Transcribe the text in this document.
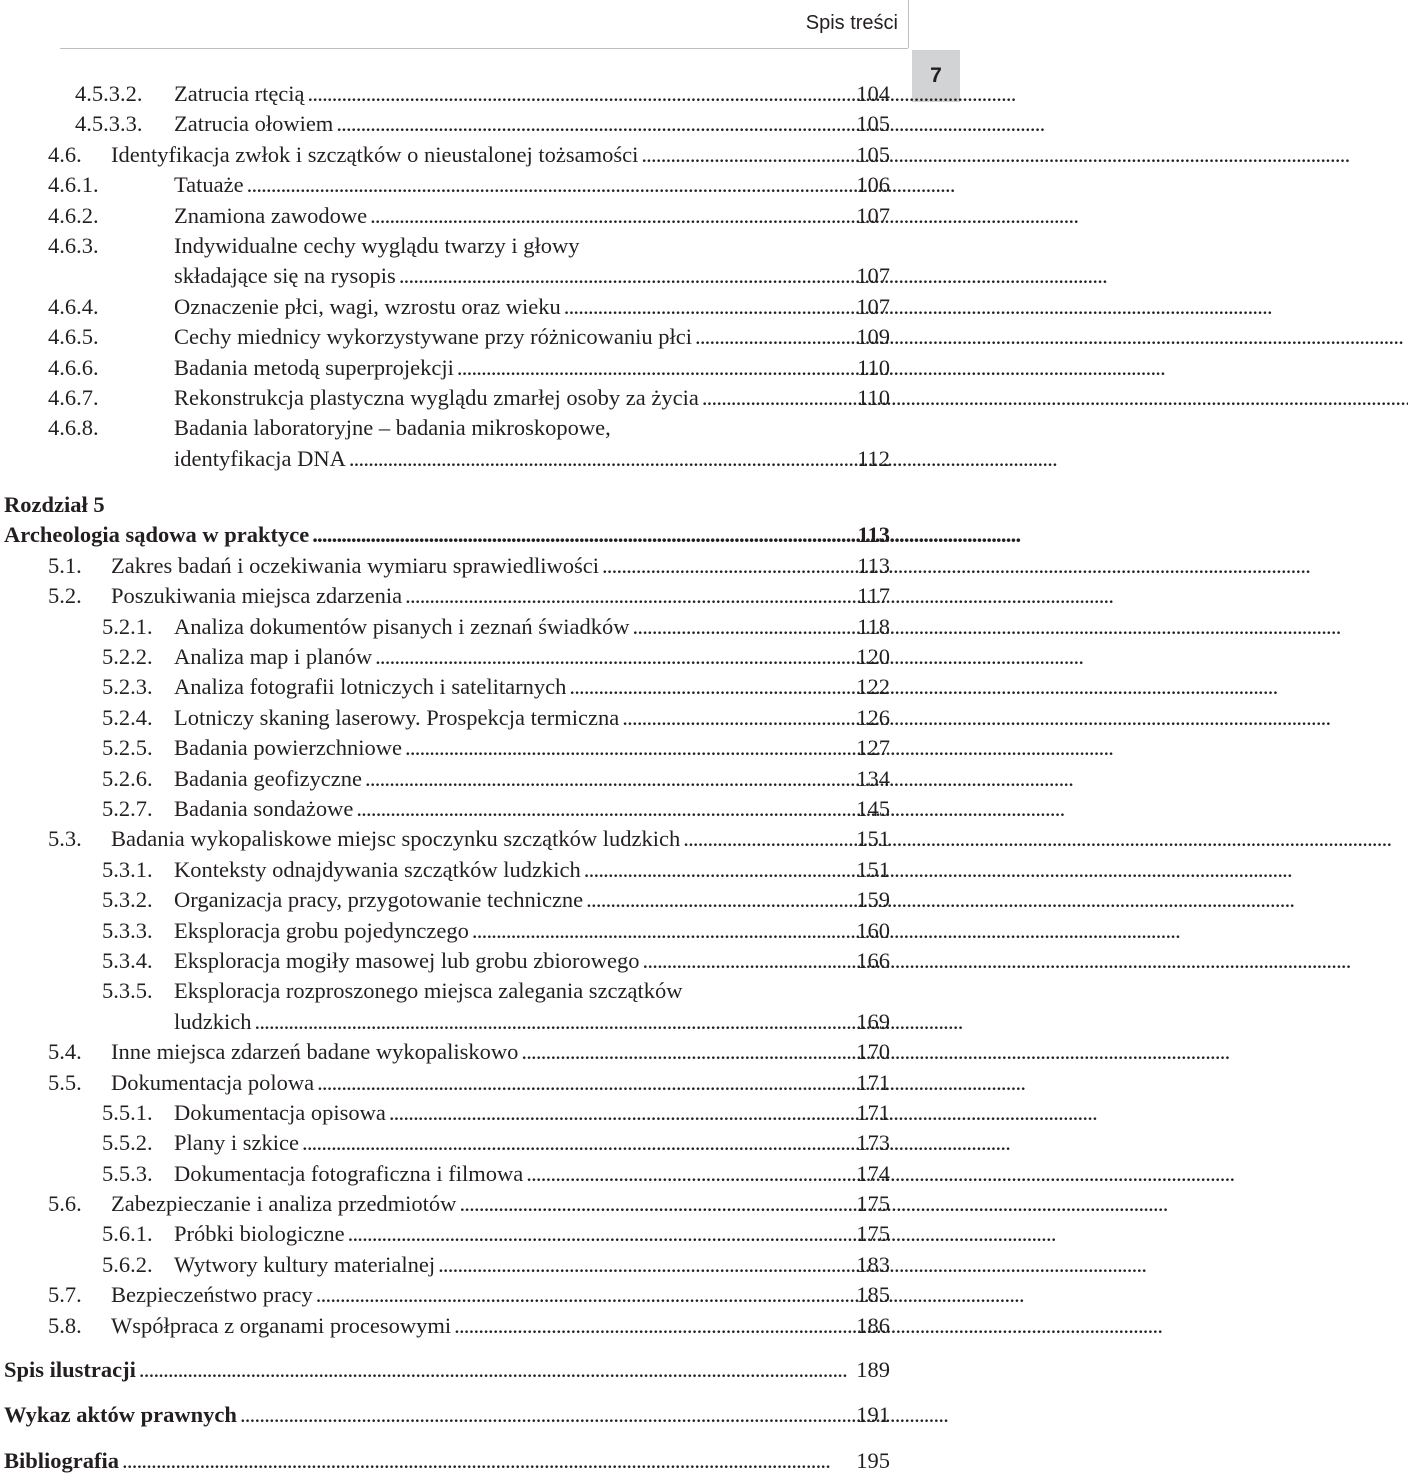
Spis treści
7
4.5.3.2.	Zatrucia rtęcią . . .	104
4.5.3.3.	Zatrucia ołowiem . . .	105
4.6.	Identyfikacja zwłok i szczątków o nieustalonej tożsamości . . .	105
4.6.1.	Tatuaże . . .	106
4.6.2.	Znamiona zawodowe . . .	107
4.6.3.	Indywidualne cechy wyglądu twarzy i głowy
składające się na rysopis . . .	107
4.6.4.	Oznaczenie płci, wagi, wzrostu oraz wieku . . .	107
4.6.5.	Cechy miednicy wykorzystywane przy różnicowaniu płci . . .	109
4.6.6.	Badania metodą superprojekcji . . .	110
4.6.7.	Rekonstrukcja plastyczna wyglądu zmarłej osoby za życia . . .	110
4.6.8.	Badania laboratoryjne – badania mikroskopowe,
identyfikacja DNA . . .	112
Rozdział 5
Archeologia sądowa w praktyce . . .	113
5.1.	Zakres badań i oczekiwania wymiaru sprawiedliwości . . .	113
5.2.	Poszukiwania miejsca zdarzenia . . .	117
5.2.1. Analiza dokumentów pisanych i zeznań świadków . . .	118
5.2.2. Analiza map i planów . . .	120
5.2.3. Analiza fotografii lotniczych i satelitarnych . . .	122
5.2.4. Lotniczy skaning laserowy. Prospekcja termiczna . . .	126
5.2.5. Badania powierzchniowe . . .	127
5.2.6. Badania geofizyczne . . .	134
5.2.7. Badania sondażowe . . .	145
5.3.	Badania wykopaliskowe miejsc spoczynku szczątków ludzkich . . .	151
5.3.1. Konteksty odnajdywania szczątków ludzkich . . .	151
5.3.2. Organizacja pracy, przygotowanie techniczne . . .	159
5.3.3. Eksploracja grobu pojedynczego . . .	160
5.3.4. Eksploracja mogiły masowej lub grobu zbiorowego . . .	166
5.3.5. Eksploracja rozproszonego miejsca zalegania szczątków
ludzkich . . .	169
5.4.	Inne miejsca zdarzeń badane wykopaliskowo . . .	170
5.5.	Dokumentacja polowa . . .	171
5.5.1. Dokumentacja opisowa . . .	171
5.5.2. Plany i szkice . . .	173
5.5.3. Dokumentacja fotograficzna i filmowa . . .	174
5.6.	Zabezpieczanie i analiza przedmiotów . . .	175
5.6.1. Próbki biologiczne . . .	175
5.6.2. Wytwory kultury materialnej . . .	183
5.7.	Bezpieczeństwo pracy . . .	185
5.8.	Współpraca z organami procesowymi . . .	186
Spis ilustracji . . .	189
Wykaz aktów prawnych . . .	191
Bibliografia . . .	195
